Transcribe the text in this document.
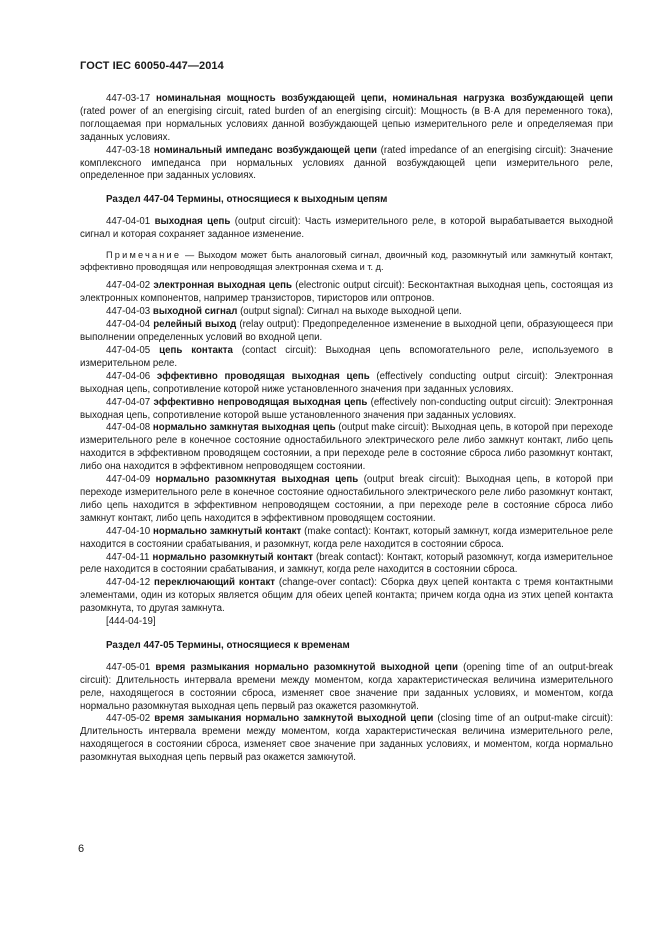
ГОСТ IEC 60050-447—2014

447-03-17 номинальная мощность возбуждающей цепи, номинальная нагрузка возбуждающей цепи (rated power of an energising circuit, rated burden of an energising circuit): Мощность (в В·А для переменного тока), поглощаемая при нормальных условиях данной возбуждающей цепью измерительного реле и определяемая при заданных условиях.

447-03-18 номинальный импеданс возбуждающей цепи (rated impedance of an energising circuit): Значение комплексного импеданса при нормальных условиях данной возбуждающей цепи измерительного реле, определенное при заданных условиях.

Раздел 447-04 Термины, относящиеся к выходным цепям

447-04-01 выходная цепь (output circuit): Часть измерительного реле, в которой вырабатывается выходной сигнал и которая сохраняет заданное изменение.

Примечание — Выходом может быть аналоговый сигнал, двоичный код, разомкнутый или замкнутый контакт, эффективно проводящая или непроводящая электронная схема и т. д.

447-04-02 электронная выходная цепь (electronic output circuit): Бесконтактная выходная цепь, состоящая из электронных компонентов, например транзисторов, тиристоров или оптронов.

447-04-03 выходной сигнал (output signal): Сигнал на выходе выходной цепи.

447-04-04 релейный выход (relay output): Предопределенное изменение в выходной цепи, образующееся при выполнении определенных условий во входной цепи.

447-04-05 цепь контакта (contact circuit): Выходная цепь вспомогательного реле, используемого в измерительном реле.

447-04-06 эффективно проводящая выходная цепь (effectively conducting output circuit): Электронная выходная цепь, сопротивление которой ниже установленного значения при заданных условиях.

447-04-07 эффективно непроводящая выходная цепь (effectively non-conducting output circuit): Электронная выходная цепь, сопротивление которой выше установленного значения при заданных условиях.

447-04-08 нормально замкнутая выходная цепь (output make circuit): Выходная цепь, в которой при переходе измерительного реле в конечное состояние одностабильного электрического реле либо замкнут контакт, либо цепь находится в эффективном проводящем состоянии, а при переходе реле в состояние сброса либо разомкнут контакт, либо она находится в эффективном непроводящем состоянии.

447-04-09 нормально разомкнутая выходная цепь (output break circuit): Выходная цепь, в которой при переходе измерительного реле в конечное состояние одностабильного электрического реле либо разомкнут контакт, либо цепь находится в эффективном непроводящем состоянии, а при переходе реле в состояние сброса либо замкнут контакт, либо цепь находится в эффективном проводящем состоянии.

447-04-10 нормально замкнутый контакт (make contact): Контакт, который замкнут, когда измерительное реле находится в состоянии срабатывания, и разомкнут, когда реле находится в состоянии сброса.

447-04-11 нормально разомкнутый контакт (break contact): Контакт, который разомкнут, когда измерительное реле находится в состоянии срабатывания, и замкнут, когда реле находится в состоянии сброса.

447-04-12 переключающий контакт (change-over contact): Сборка двух цепей контакта с тремя контактными элементами, один из которых является общим для обеих цепей контакта; причем когда одна из этих цепей контакта разомкнута, то другая замкнута.

[444-04-19]

Раздел 447-05 Термины, относящиеся к временам

447-05-01 время размыкания нормально разомкнутой выходной цепи (opening time of an output-break circuit): Длительность интервала времени между моментом, когда характеристическая величина измерительного реле, находящегося в состоянии сброса, изменяет свое значение при заданных условиях, и моментом, когда нормально разомкнутая выходная цепь первый раз окажется разомкнутой.

447-05-02 время замыкания нормально замкнутой выходной цепи (closing time of an output-make circuit): Длительность интервала времени между моментом, когда характеристическая величина измерительного реле, находящегося в состоянии сброса, изменяет свое значение при заданных условиях, и моментом, когда нормально разомкнутая выходная цепь первый раз окажется замкнутой.

6
